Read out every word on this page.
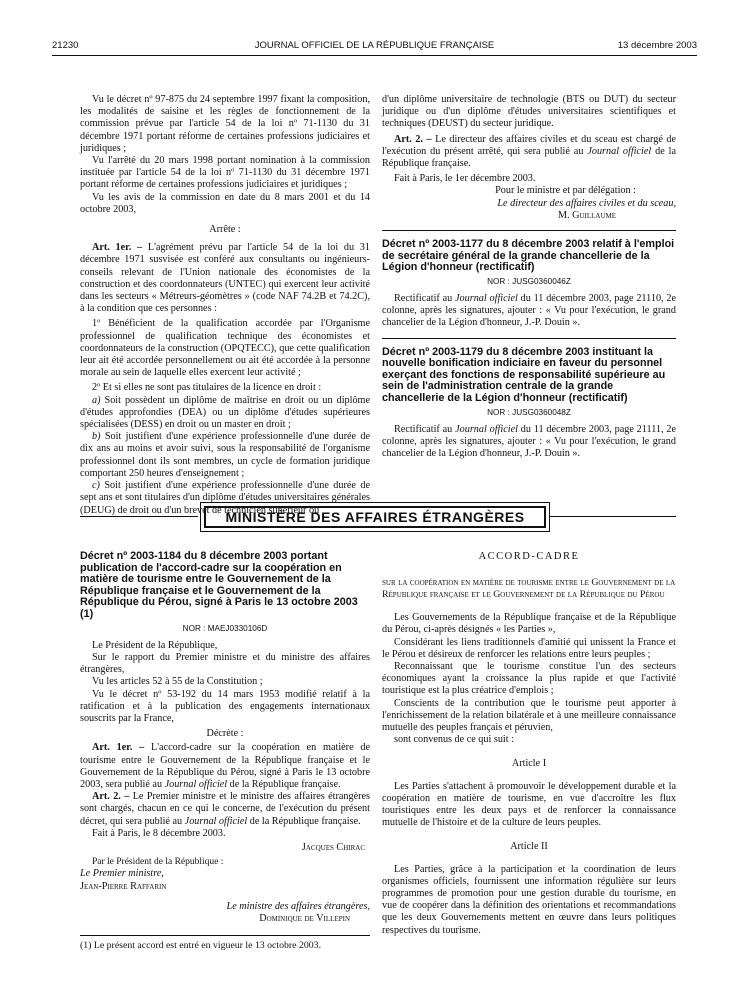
21230	JOURNAL OFFICIEL DE LA RÉPUBLIQUE FRANÇAISE	13 décembre 2003

Vu le décret nº 97-875 du 24 septembre 1997 fixant la composition, les modalités de saisine et les règles de fonctionnement de la commission prévue par l'article 54 de la loi nº 71-1130 du 31 décembre 1971 portant réforme de certaines professions judiciaires et juridiques ;

Vu l'arrêté du 20 mars 1998 portant nomination à la commission instituée par l'article 54 de la loi nº 71-1130 du 31 décembre 1971 portant réforme de certaines professions judiciaires et juridiques ;

Vu les avis de la commission en date du 8 mars 2001 et du 14 octobre 2003,

Arrête :

Art. 1er. – L'agrément prévu par l'article 54 de la loi du 31 décembre 1971 susvisée est conféré aux consultants ou ingénieurs-conseils relevant de l'Union nationale des économistes de la construction et des coordonnateurs (UNTEC) qui exercent leur activité dans les secteurs « Métreurs-géomètres » (code NAF 74.2B et 74.2C), à la condition que ces personnes :

1º Bénéficient de la qualification accordée par l'Organisme professionnel de qualification technique des économistes et coordonnateurs de la construction (OPQTECC), que cette qualification leur ait été accordée personnellement ou ait été accordée à la personne morale au sein de laquelle elles exercent leur activité ;

2º Et si elles ne sont pas titulaires de la licence en droit :

a) Soit possèdent un diplôme de maîtrise en droit ou un diplôme d'études approfondies (DEA) ou un diplôme d'études supérieures spécialisées (DESS) en droit ou un master en droit ;

b) Soit justifient d'une expérience professionnelle d'une durée de dix ans au moins et avoir suivi, sous la responsabilité de l'organisme professionnel dont ils sont membres, un cycle de formation juridique comportant 250 heures d'enseignement ;

c) Soit justifient d'une expérience professionnelle d'une durée de sept ans et sont titulaires d'un diplôme d'études universitaires générales (DEUG) de droit ou d'un brevet de technicien supérieur ou

d'un diplôme universitaire de technologie (BTS ou DUT) du secteur juridique ou d'un diplôme d'études universitaires scientifiques et techniques (DEUST) du secteur juridique.

Art. 2. – Le directeur des affaires civiles et du sceau est chargé de l'exécution du présent arrêté, qui sera publié au Journal officiel de la République française.

Fait à Paris, le 1er décembre 2003.

Pour le ministre et par délégation :

Le directeur des affaires civiles et du sceau,

M. Guillaume

Décret nº 2003-1177 du 8 décembre 2003 relatif à l'emploi de secrétaire général de la grande chancellerie de la Légion d'honneur (rectificatif)

NOR : JUSG0360046Z

Rectificatif au Journal officiel du 11 décembre 2003, page 21110, 2e colonne, après les signatures, ajouter : « Vu pour l'exécution, le grand chancelier de la Légion d'honneur, J.-P. Douin ».

Décret nº 2003-1179 du 8 décembre 2003 instituant la nouvelle bonification indiciaire en faveur du personnel exerçant des fonctions de responsabilité supérieure au sein de l'administration centrale de la grande chancellerie de la Légion d'honneur (rectificatif)

NOR : JUSG0360048Z

Rectificatif au Journal officiel du 11 décembre 2003, page 21111, 2e colonne, après les signatures, ajouter : « Vu pour l'exécution, le grand chancelier de la Légion d'honneur, J.-P. Douin ».

MINISTÈRE DES AFFAIRES ÉTRANGÈRES

Décret nº 2003-1184 du 8 décembre 2003 portant publication de l'accord-cadre sur la coopération en matière de tourisme entre le Gouvernement de la République française et le Gouvernement de la République du Pérou, signé à Paris le 13 octobre 2003 (1)

NOR : MAEJ0330106D

Le Président de la République,

Sur le rapport du Premier ministre et du ministre des affaires étrangères,

Vu les articles 52 à 55 de la Constitution ;

Vu le décret nº 53-192 du 14 mars 1953 modifié relatif à la ratification et à la publication des engagements internationaux souscrits par la France,

Décrète :

Art. 1er. – L'accord-cadre sur la coopération en matière de tourisme entre le Gouvernement de la République française et le Gouvernement de la République du Pérou, signé à Paris le 13 octobre 2003, sera publié au Journal officiel de la République française.

Art. 2. – Le Premier ministre et le ministre des affaires étrangères sont chargés, chacun en ce qui le concerne, de l'exécution du présent décret, qui sera publié au Journal officiel de la République française.

Fait à Paris, le 8 décembre 2003.

Jacques Chirac

Par le Président de la République :

Le Premier ministre,

Jean-Pierre Raffarin

Le ministre des affaires étrangères,

Dominique de Villepin

(1) Le présent accord est entré en vigueur le 13 octobre 2003.

ACCORD-CADRE

sur la coopération en matière de tourisme entre le Gouvernement de la République française et le Gouvernement de la République du Pérou

Les Gouvernements de la République française et de la République du Pérou, ci-après désignés « les Parties »,

Considérant les liens traditionnels d'amitié qui unissent la France et le Pérou et désireux de renforcer les relations entre leurs peuples ;

Reconnaissant que le tourisme constitue l'un des secteurs économiques ayant la croissance la plus rapide et que l'activité touristique est la plus créatrice d'emplois ;

Conscients de la contribution que le tourisme peut apporter à l'enrichissement de la relation bilatérale et à une meilleure connaissance mutuelle des peuples français et péruvien,

sont convenus de ce qui suit :

Article I

Les Parties s'attachent à promouvoir le développement durable et la coopération en matière de tourisme, en vue d'accroître les flux touristiques entre les deux pays et de renforcer la connaissance mutuelle de l'histoire et de la culture de leurs peuples.

Article II

Les Parties, grâce à la participation et la coordination de leurs organismes officiels, fournissent une information régulière sur leurs programmes de promotion pour une gestion durable du tourisme, en vue de coopérer dans la définition des orientations et recommandations que les deux Gouvernements mettent en œuvre dans leurs politiques respectives du tourisme.
